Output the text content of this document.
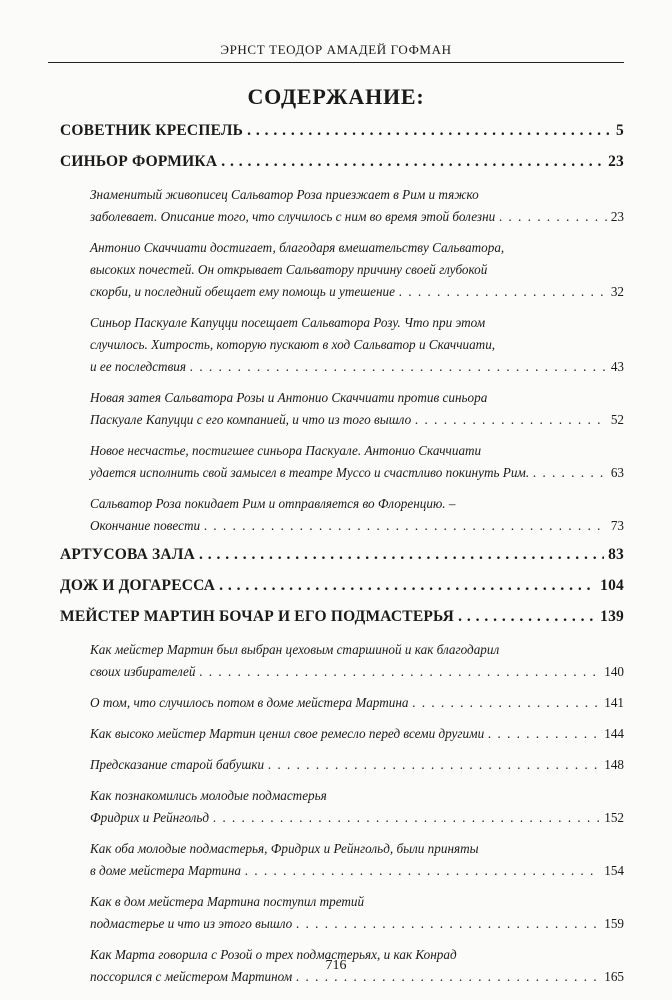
ЭРНСТ ТЕОДОР АМАДЕЙ ГОФМАН
СОДЕРЖАНИЕ:
СОВЕТНИК КРЕСПЕЛЬ . . .	5
СИНЬОР ФОРМИКА . . .	23
Знаменитый живописец Сальватор Роза приезжает в Рим и тяжко
заболевает. Описание того, что случилось с ним во время этой болезни . . .	23
Антонио Скаччиати достигает, благодаря вмешательству Сальватора,
высоких почестей. Он открывает Сальватору причину своей глубокой
скорби, и последний обещает ему помощь и утешение . . .	32
Синьор Паскуале Капуцци посещает Сальватора Розу. Что при этом
случилось. Хитрость, которую пускают в ход Сальватор и Скаччиати,
и ее последствия . . .	43
Новая затея Сальватора Розы и Антонио Скаччиати против синьора
Паскуале Капуцци с его компанией, и что из того вышло . . .	52
Новое несчастье, постигшее синьора Паскуале. Антонио Скаччиати
удается исполнить свой замысел в театре Муссо и счастливо покинуть Рим. . . .	63
Сальватор Роза покидает Рим и отправляется во Флоренцию. –
Окончание повести . . .	73
АРТУСОВА ЗАЛА . . .	83
ДОЖ И ДОГАРЕССА . . .	104
МЕЙСТЕР МАРТИН БОЧАР И ЕГО ПОДМАСТЕРЬЯ . . .	139
Как мейстер Мартин был выбран цеховым старшиной и как благодарил
своих избирателей . . .	140
О том, что случилось потом в доме мейстера Мартина . . .	141
Как высоко мейстер Мартин ценил свое ремесло перед всеми другими . . .	144
Предсказание старой бабушки . . .	148
Как познакомились молодые подмастерья
Фридрих и Рейнгольд . . .	152
Как оба молодые подмастерья, Фридрих и Рейнгольд, были приняты
в доме мейстера Мартина . . .	154
Как в дом мейстера Мартина поступил третий
подмастерье и что из этого вышло . . .	159
Как Марта говорила с Розой о трех подмастерьях, и как Конрад
поссорился с мейстером Мартином . . .	165
716
